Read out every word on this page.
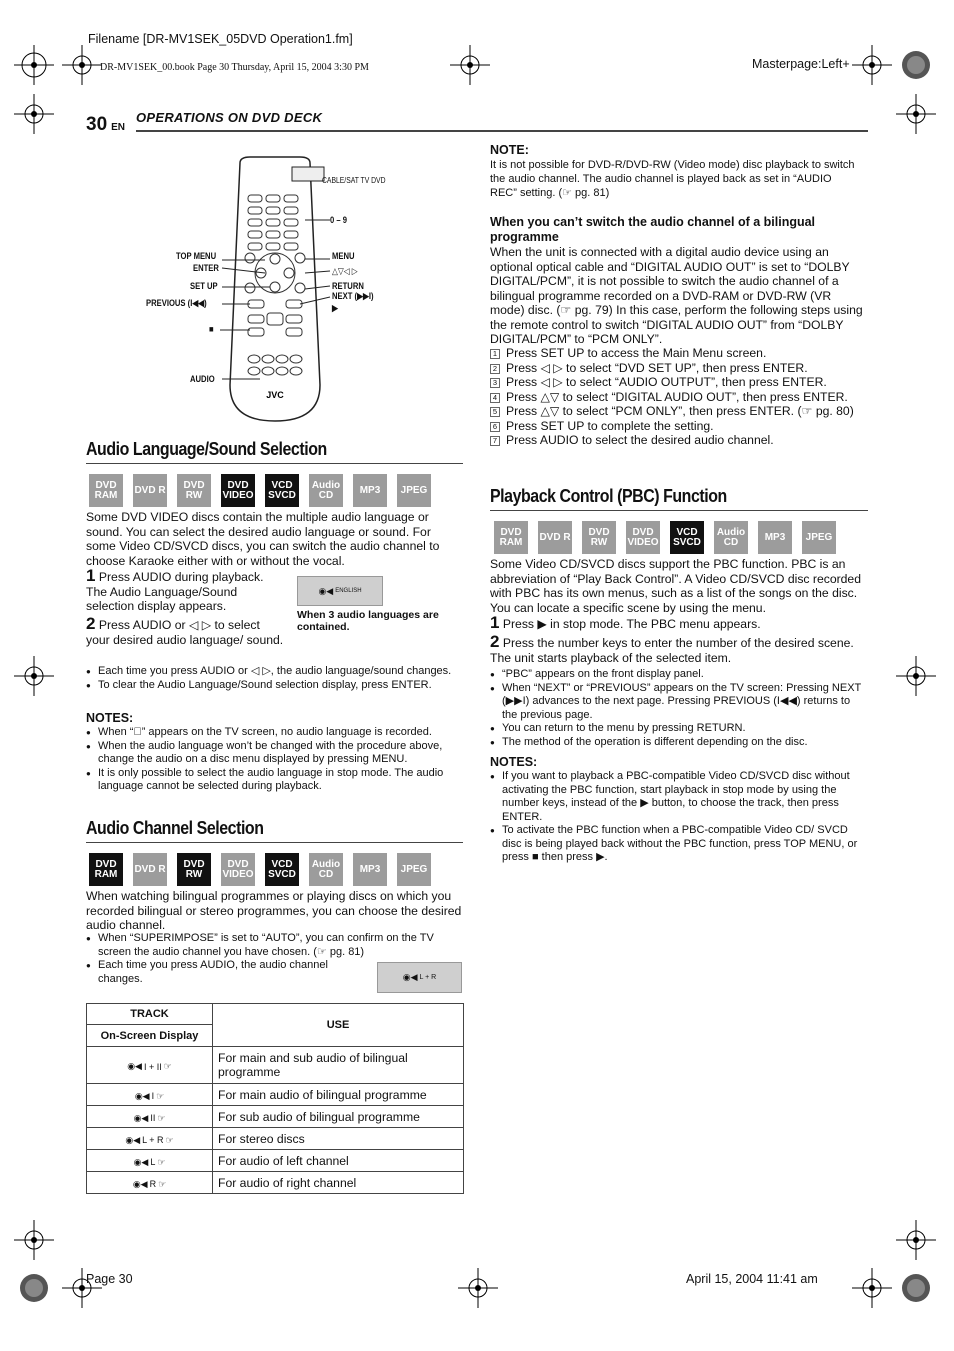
Filename [DR-MV1SEK_05DVD Operation1.fm]
DR-MV1SEK_00.book Page 30 Thursday, April 15, 2004 3:30 PM	Masterpage:Left+
30 EN
OPERATIONS ON DVD DECK
JVC
0 – 9
TOP MENU
ENTER
MENU
△▽◁ ▷
SET UP	RETURN
NEXT (▶▶I)
PREVIOUS (I◀◀)	▶
■
AUDIO
CABLE/SAT TV DVD
Audio Language/Sound Selection
DVD RAM	DVD R	DVD RW
DVD VIDEO
VCD SVCD
Audio CD	MP3	JPEG

Some DVD VIDEO discs contain the multiple audio language or sound. You can select the desired audio language or sound. For some Video CD/SVCD discs, you can switch the audio channel to choose Karaoke either with or without the vocal.

1 Press AUDIO during playback. The Audio Language/Sound selection display appears.

◉◀ ENGLISH
When 3 audio languages are contained.

2 Press AUDIO or ◁ ▷ to select your desired audio language/ sound.

● Each time you press AUDIO or ◁ ▷, the audio language/sound changes.
● To clear the Audio Language/Sound selection display, press ENTER.
NOTES:
● When “⃠” appears on the TV screen, no audio language is recorded.
● When the audio language won’t be changed with the procedure above, change the audio on a disc menu displayed by pressing MENU.
● It is only possible to select the audio language in stop mode. The audio language cannot be selected during playback.
Audio Channel Selection
DVD RAM	DVD R	DVD RW
DVD VIDEO
VCD SVCD
Audio CD	MP3	JPEG

When watching bilingual programmes or playing discs on which you recorded bilingual or stereo programmes, you can choose the desired audio channel.

● When “SUPERIMPOSE” is set to “AUTO”, you can confirm on the TV screen the audio channel you have chosen. (☞ pg. 81)
● Each time you press AUDIO, the audio channel changes.	◉◀ L + R
TRACK	USE
On-Screen Display	

◉◀ I + II ☞	For main and sub audio of bilingual programme

◉◀ I ☞	For main audio of bilingual programme

◉◀ II ☞	For sub audio of bilingual programme

◉◀ L + R ☞	For stereo discs

◉◀ L ☞	For audio of left channel

◉◀ R ☞	For audio of right channel
NOTE:
It is not possible for DVD-R/DVD-RW (Video mode) disc playback to switch the audio channel. The audio channel is played back as set in “AUDIO REC” setting. (☞ pg. 81)
When you can’t switch the audio channel of a bilingual programme

When the unit is connected with a digital audio device using an optional optical cable and “DIGITAL AUDIO OUT” is set to “DOLBY DIGITAL/PCM”, it is not possible to switch the audio channel of a bilingual programme recorded on a DVD-RAM or DVD-RW (VR mode) disc. (☞ pg. 79) In this case, perform the following steps using the remote control to switch “DIGITAL AUDIO OUT” from “DOLBY DIGITAL/PCM” to “PCM ONLY”.

1 Press SET UP to access the Main Menu screen.

2 Press ◁ ▷ to select “DVD SET UP”, then press ENTER.

3 Press ◁ ▷ to select “AUDIO OUTPUT”, then press ENTER.

4 Press △▽ to select “DIGITAL AUDIO OUT”, then press ENTER.

5 Press △▽ to select “PCM ONLY”, then press ENTER. (☞ pg. 80)

6 Press SET UP to complete the setting.

7 Press AUDIO to select the desired audio channel.

Playback Control (PBC) Function
DVD RAM	DVD R	DVD RW
DVD VIDEO
VCD SVCD
Audio CD	MP3	JPEG

Some Video CD/SVCD discs support the PBC function. PBC is an abbreviation of “Play Back Control”. A Video CD/SVCD disc recorded with PBC has its own menus, such as a list of the songs on the disc. You can locate a specific scene by using the menu.

1 Press ▶ in stop mode. The PBC menu appears.

2 Press the number keys to enter the number of the desired scene. The unit starts playback of the selected item.

● “PBC” appears on the front display panel.
● When “NEXT” or “PREVIOUS” appears on the TV screen: Pressing NEXT (▶▶I) advances to the next page. Pressing PREVIOUS (I◀◀) returns to the previous page.
● You can return to the menu by pressing RETURN.
● The method of the operation is different depending on the disc.
NOTES:
● If you want to playback a PBC-compatible Video CD/SVCD disc without activating the PBC function, start playback in stop mode by using the number keys, instead of the ▶ button, to choose the track, then press ENTER.
● To activate the PBC function when a PBC-compatible Video CD/ SVCD disc is being played back without the PBC function, press TOP MENU, or press ■ then press ▶.
Page 30	April 15, 2004 11:41 am
